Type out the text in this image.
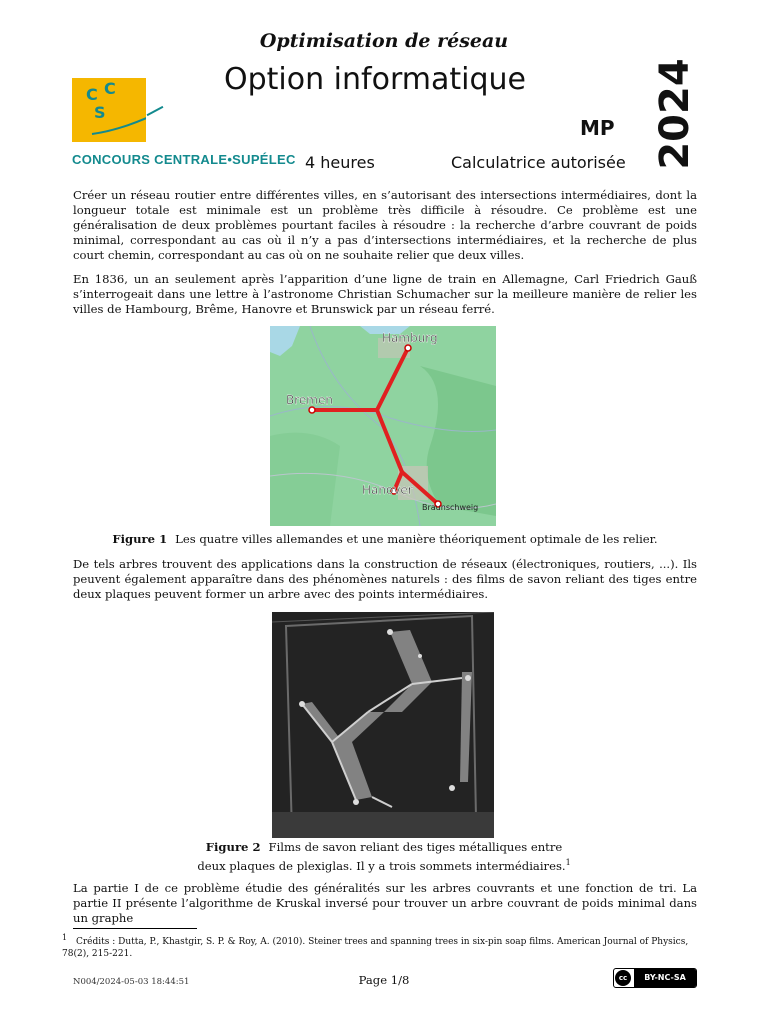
Optimisation de réseau
Option informatique
C C
S
CONCOURS CENTRALE•SUPÉLEC
MP 2024
4 heures	Calculatrice autorisée

Créer un réseau routier entre différentes villes, en s’autorisant des intersections intermédiaires, dont la longueur totale est minimale est un problème très difficile à résoudre. Ce problème est une généralisation de deux problèmes pourtant faciles à résoudre : la recherche d’arbre couvrant de poids minimal, correspondant au cas où il n’y a pas d’intersections intermédiaires, et la recherche de plus court chemin, correspondant au cas où on ne souhaite relier que deux villes.

En 1836, un an seulement après l’apparition d’une ligne de train en Allemagne, Carl Friedrich Gauß s’interrogeait dans une lettre à l’astronome Christian Schumacher sur la meilleure manière de relier les villes de Hambourg, Brême, Hanovre et Brunswick par un réseau ferré.

Hamburg
Bremen
Hanover
Braunschweig
Figure 1 Les quatre villes allemandes et une manière théoriquement optimale de les relier.

De tels arbres trouvent des applications dans la construction de réseaux (électroniques, routiers, ...). Ils peuvent également apparaître dans des phénomènes naturels : des films de savon reliant des tiges entre deux plaques peuvent former un arbre avec des points intermédiaires.

Figure 2 Films de savon reliant des tiges métalliques entre
deux plaques de plexiglas. Il y a trois sommets intermédiaires.$^1$

La partie I de ce problème étudie des généralités sur les arbres couvrants et une fonction de tri. La partie II présente l’algorithme de Kruskal inversé pour trouver un arbre couvrant de poids minimal dans un graphe

$^1$ Crédits : Dutta, P., Khastgir, S. P. & Roy, A. (2010). Steiner trees and spanning trees in six-pin soap films. American Journal of Physics, 78(2), 215-221.
N004/2024-05-03 18:44:51	Page 1/8	cc	BY-NC-SA
